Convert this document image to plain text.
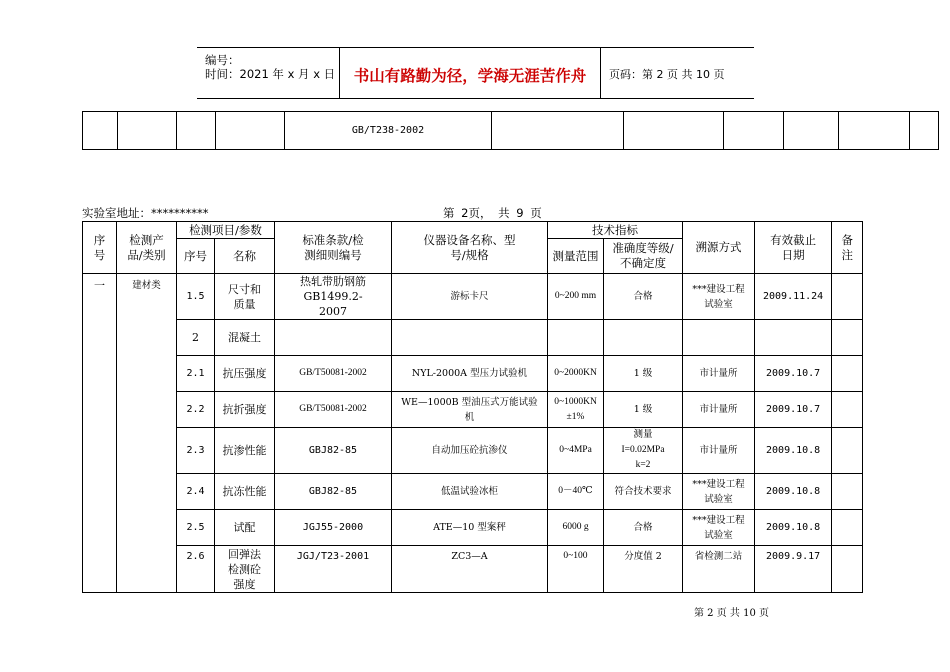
编号：
时间：2021 年 x 月 x 日	书山有路勤为径，学海无涯苦作舟	页码：第 2 页 共 10 页
				GB/T238-2002						
实验室地址：**********	第 2页， 共 9 页
序号	检测产品/类别	检测项目/参数		标准条款/检测细则编号	仪器设备名称、型号/规格	技术指标		溯源方式	有效截止日期	备注
		序号	名称			测量范围	准确度等级/不确定度			
一	建材类	1.5	尺寸和质量	热轧带肋钢筋GB1499.2-2007	游标卡尺	0~200 mm	合格	***建设工程试验室	2009.11.24	
		2	混凝土							
		2.1	抗压强度	GB/T50081-2002	NYL-2000A 型压力试验机	0~2000KN	1 级	市计量所	2009.10.7	
		2.2	抗折强度	GB/T50081-2002	WE—1000B 型油压式万能试验机	0~1000KN ±1%	1 级	市计量所	2009.10.7	
		2.3	抗渗性能	GBJ82-85	自动加压砼抗渗仪	0~4MPa	测量 I=0.02MPa k=2	市计量所	2009.10.8	
		2.4	抗冻性能	GBJ82-85	低温试验冰柜	0－40℃	符合技术要求	***建设工程试验室	2009.10.8	
		2.5	试配	JGJ55-2000	ATE—10 型案秤	6000 g	合格	***建设工程试验室	2009.10.8	
		2.6	回弹法检测砼强度	JGJ/T23-2001	ZC3—A	0~100	分度值 2	省检测二站	2009.9.17	
第 2 页 共 10 页
